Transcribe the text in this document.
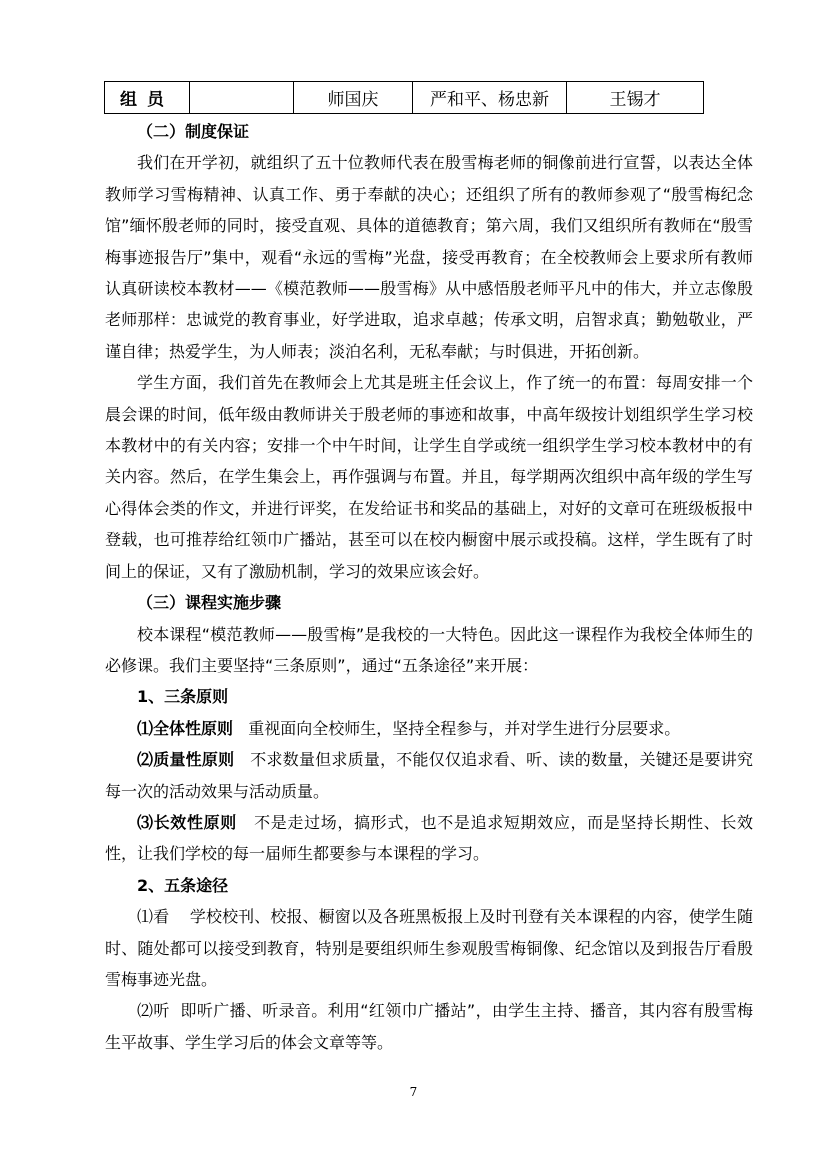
组员		师国庆	严和平、杨忠新	王锡才

（二）制度保证

我们在开学初，就组织了五十位教师代表在殷雪梅老师的铜像前进行宣誓，以表达全体教师学习雪梅精神、认真工作、勇于奉献的决心；还组织了所有的教师参观了“殷雪梅纪念馆”缅怀殷老师的同时，接受直观、具体的道德教育；第六周，我们又组织所有教师在“殷雪梅事迹报告厅”集中，观看“永远的雪梅”光盘，接受再教育；在全校教师会上要求所有教师认真研读校本教材——《模范教师——殷雪梅》从中感悟殷老师平凡中的伟大，并立志像殷老师那样：忠诚党的教育事业，好学进取，追求卓越；传承文明，启智求真；勤勉敬业，严谨自律；热爱学生，为人师表；淡泊名利，无私奉献；与时俱进，开拓创新。

学生方面，我们首先在教师会上尤其是班主任会议上，作了统一的布置：每周安排一个晨会课的时间，低年级由教师讲关于殷老师的事迹和故事，中高年级按计划组织学生学习校本教材中的有关内容；安排一个中午时间，让学生自学或统一组织学生学习校本教材中的有关内容。然后，在学生集会上，再作强调与布置。并且，每学期两次组织中高年级的学生写心得体会类的作文，并进行评奖，在发给证书和奖品的基础上，对好的文章可在班级板报中登载，也可推荐给红领巾广播站，甚至可以在校内橱窗中展示或投稿。这样，学生既有了时间上的保证，又有了激励机制，学习的效果应该会好。

（三）课程实施步骤

校本课程“模范教师——殷雪梅”是我校的一大特色。因此这一课程作为我校全体师生的必修课。我们主要坚持“三条原则”，通过“五条途径”来开展：

1、三条原则

⑴全体性原则 重视面向全校师生，坚持全程参与，并对学生进行分层要求。

⑵质量性原则 不求数量但求质量，不能仅仅追求看、听、读的数量，关键还是要讲究每一次的活动效果与活动质量。

⑶长效性原则 不是走过场，搞形式，也不是追求短期效应，而是坚持长期性、长效性，让我们学校的每一届师生都要参与本课程的学习。

2、五条途径

⑴看 学校校刊、校报、橱窗以及各班黑板报上及时刊登有关本课程的内容，使学生随时、随处都可以接受到教育，特别是要组织师生参观殷雪梅铜像、纪念馆以及到报告厅看殷雪梅事迹光盘。

⑵听 即听广播、听录音。利用“红领巾广播站”，由学生主持、播音，其内容有殷雪梅生平故事、学生学习后的体会文章等等。

7
